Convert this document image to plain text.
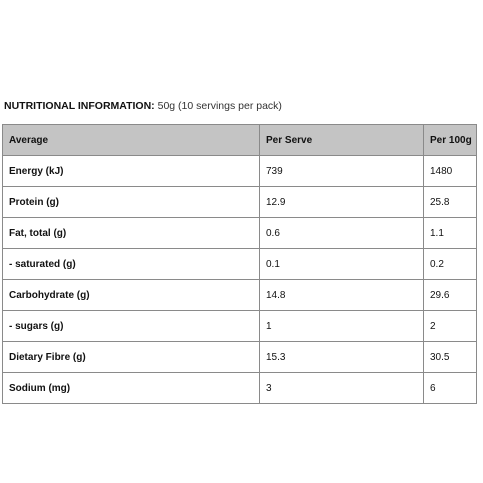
NUTRITIONAL INFORMATION: 50g (10 servings per pack)
Average	Per Serve	Per 100g
Energy (kJ)	739	1480
Protein (g)	12.9	25.8
Fat, total (g)	0.6	1.1
- saturated (g)	0.1	0.2
Carbohydrate (g)	14.8	29.6
- sugars (g)	1	2
Dietary Fibre (g)	15.3	30.5
Sodium (mg)	3	6
